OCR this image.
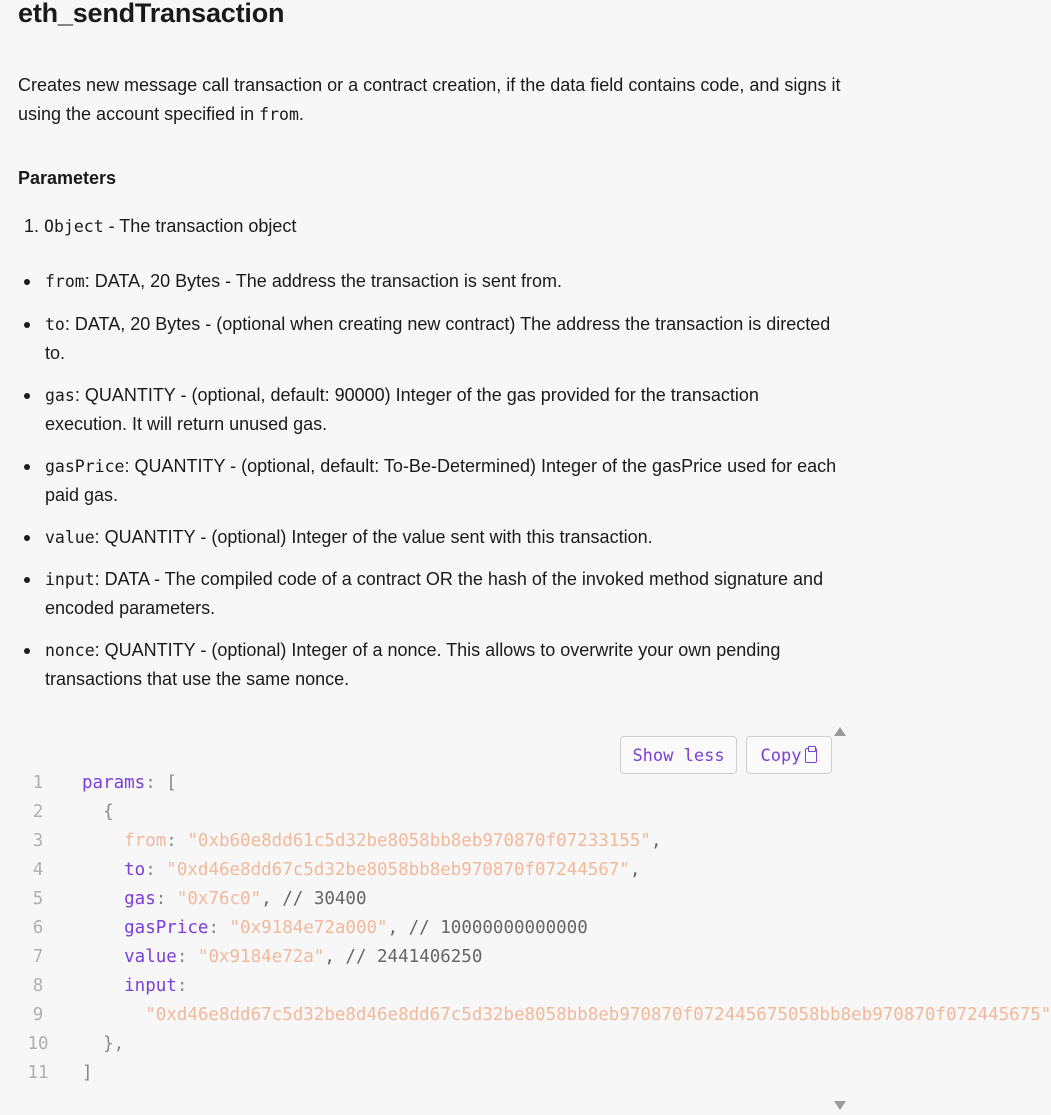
eth_sendTransaction

Creates new message call transaction or a contract creation, if the data field contains code, and signs it using the account specified in from.

Parameters
1. Object - The transaction object
from: DATA, 20 Bytes - The address the transaction is sent from.
to: DATA, 20 Bytes - (optional when creating new contract) The address the transaction is directed to.
gas: QUANTITY - (optional, default: 90000) Integer of the gas provided for the transaction execution. It will return unused gas.
gasPrice: QUANTITY - (optional, default: To-Be-Determined) Integer of the gasPrice used for each paid gas.
value: QUANTITY - (optional) Integer of the value sent with this transaction.
input: DATA - The compiled code of a contract OR the hash of the invoked method signature and encoded parameters.
nonce: QUANTITY - (optional) Integer of a nonce. This allows to overwrite your own pending transactions that use the same nonce.
Show less	Copy
1	params: [
2	{
3	from: "0xb60e8dd61c5d32be8058bb8eb970870f07233155",
4	to: "0xd46e8dd67c5d32be8058bb8eb970870f07244567",
5	gas: "0x76c0", // 30400
6	gasPrice: "0x9184e72a000", // 10000000000000
7	value: "0x9184e72a", // 2441406250
8	input:
9	"0xd46e8dd67c5d32be8d46e8dd67c5d32be8058bb8eb970870f072445675058bb8eb970870f072445675"
10	},
11	]
